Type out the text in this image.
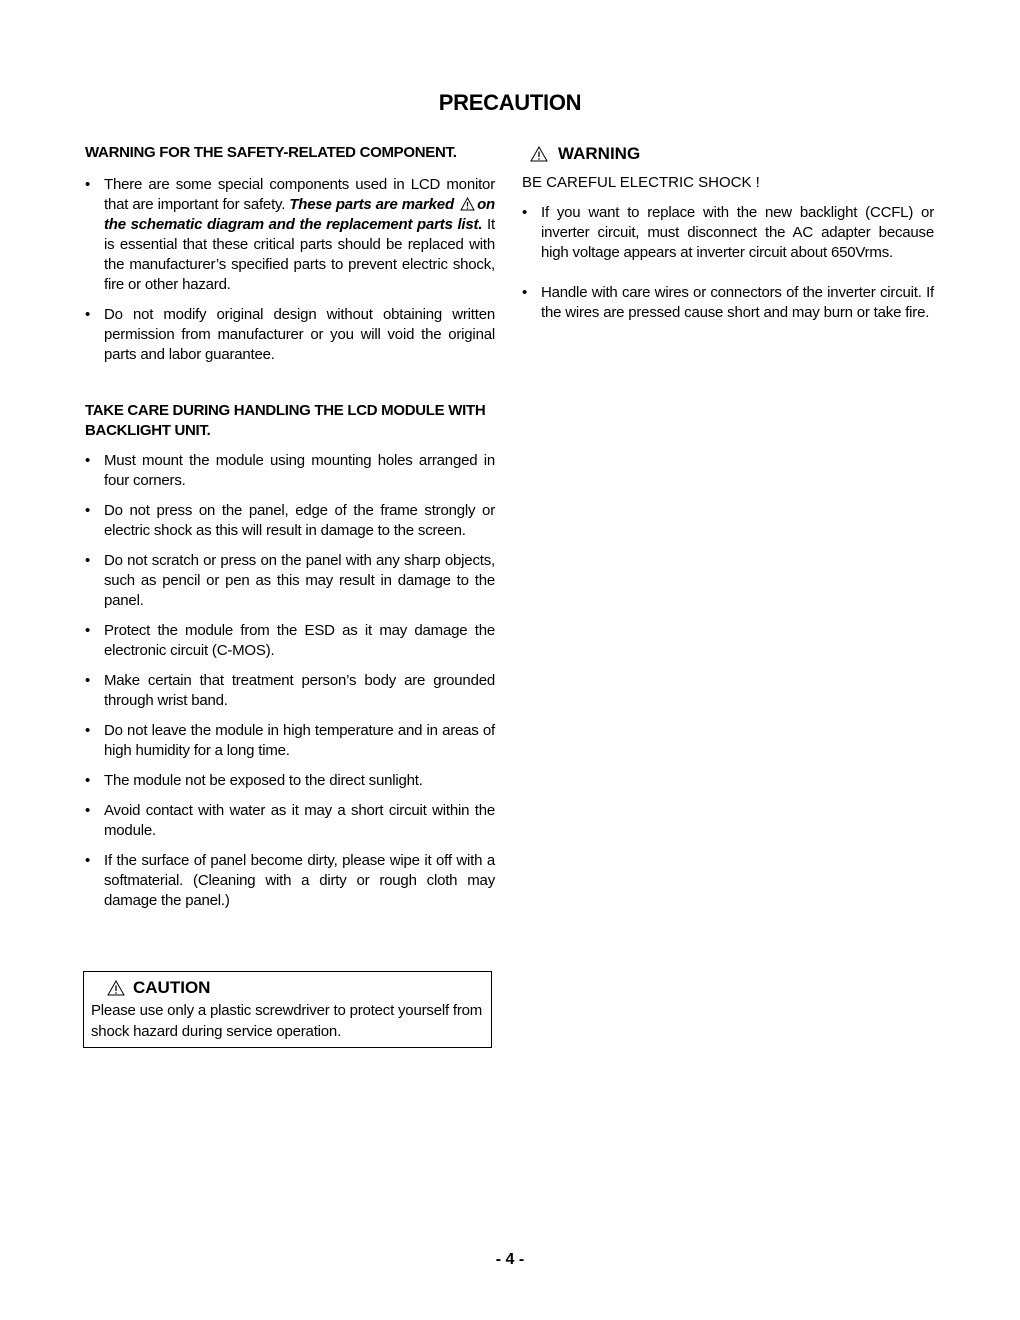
PRECAUTION
WARNING FOR THE SAFETY-RELATED COMPONENT.
• There are some special components used in LCD monitor that are important for safety. These parts are marked on the schematic diagram and the replacement parts list. It is essential that these critical parts should be replaced with the manufacturer’s specified parts to prevent electric shock, fire or other hazard.
• Do not modify original design without obtaining written permission from manufacturer or you will void the original parts and labor guarantee.
TAKE CARE DURING HANDLING THE LCD MODULE WITH BACKLIGHT UNIT.
• Must mount the module using mounting holes arranged in four corners.
• Do not press on the panel, edge of the frame strongly or electric shock as this will result in damage to the screen.
• Do not scratch or press on the panel with any sharp objects, such as pencil or pen as this may result in damage to the panel.
• Protect the module from the ESD as it may damage the electronic circuit (C-MOS).
• Make certain that treatment person’s body are grounded through wrist band.
• Do not leave the module in high temperature and in areas of high humidity for a long time.
• The module not be exposed to the direct sunlight.
• Avoid contact with water as it may a short circuit within the module.
• If the surface of panel become dirty, please wipe it off with a softmaterial. (Cleaning with a dirty or rough cloth may damage the panel.)
CAUTION
Please use only a plastic screwdriver to protect yourself from shock hazard during service operation.
WARNING
BE CAREFUL ELECTRIC SHOCK !
• If you want to replace with the new backlight (CCFL) or inverter circuit, must disconnect the AC adapter because high voltage appears at inverter circuit about 650Vrms.
• Handle with care wires or connectors of the inverter circuit. If the wires are pressed cause short and may burn or take fire.
- 4 -
